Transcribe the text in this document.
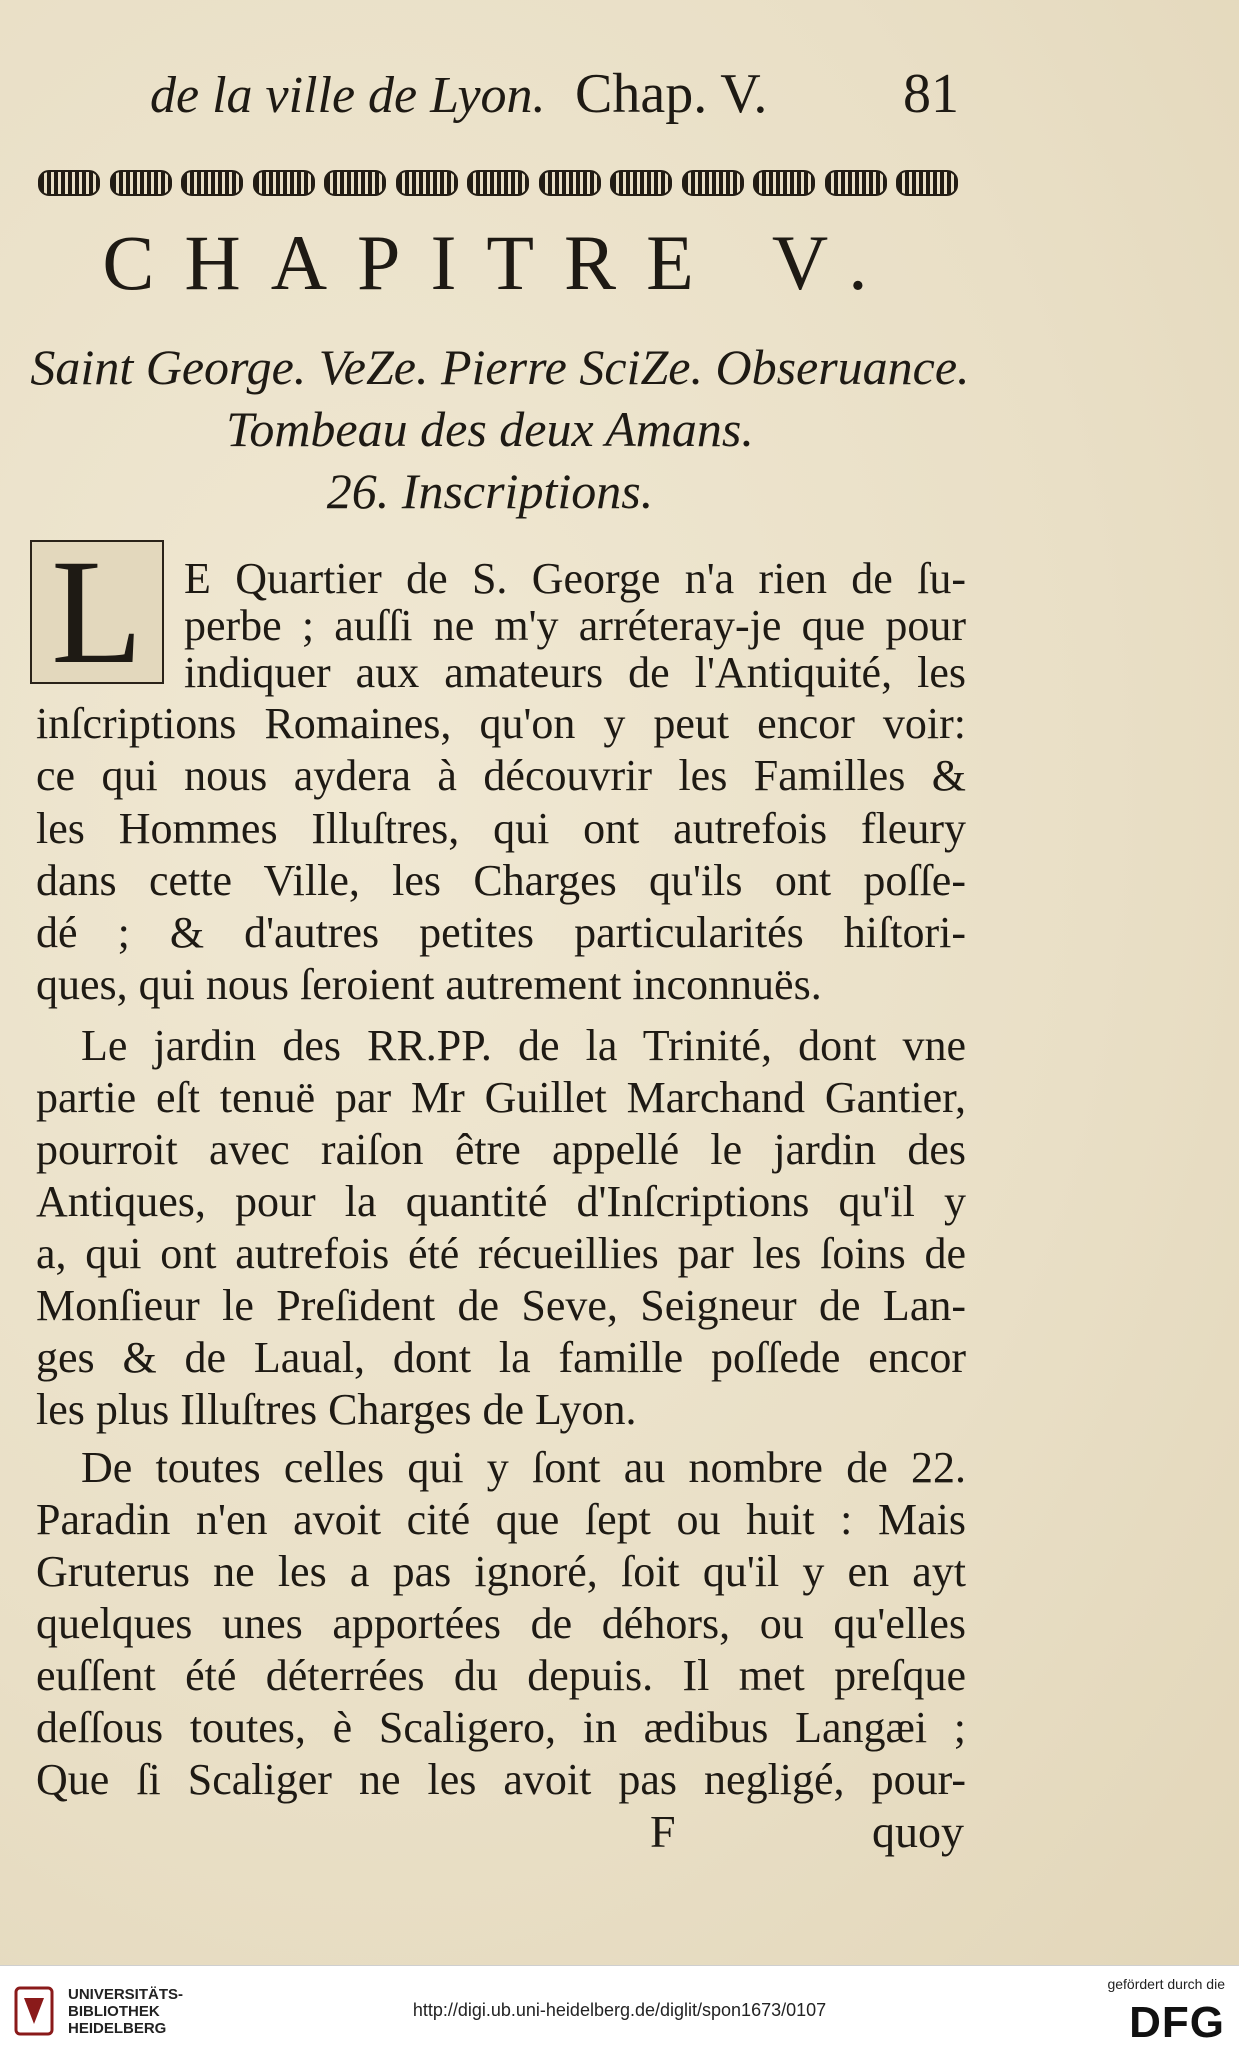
de la ville de Lyon. Chap. V. 81
CHAPITRE V.
Saint George. VeZe. Pierre SciZe. Obseruance.
Tombeau des deux Amans.
26. Inscriptions.
L E Quartier de S. George n'a rien de ſu-
perbe ; auſſi ne m'y arréteray-je que pour
indiquer aux amateurs de l'Antiquité, les
inſcriptions Romaines, qu'on y peut encor voir:
ce qui nous aydera à découvrir les Familles &
les Hommes Illuſtres, qui ont autrefois fleury
dans cette Ville, les Charges qu'ils ont poſſe-
dé ; & d'autres petites particularités hiſtori-
ques, qui nous ſeroient autrement inconnuës.
Le jardin des RR.PP. de la Trinité, dont vne
partie eſt tenuë par Mr Guillet Marchand Gantier,
pourroit avec raiſon être appellé le jardin des
Antiques, pour la quantité d'Inſcriptions qu'il y
a, qui ont autrefois été récueillies par les ſoins de
Monſieur le Preſident de Seve, Seigneur de Lan-
ges & de Laual, dont la famille poſſede encor
les plus Illuſtres Charges de Lyon.
De toutes celles qui y ſont au nombre de 22.
Paradin n'en avoit cité que ſept ou huit : Mais
Gruterus ne les a pas ignoré, ſoit qu'il y en ayt
quelques unes apportées de déhors, ou qu'elles
euſſent été déterrées du depuis. Il met preſque
deſſous toutes, è Scaligero, in ædibus Langæi ;
Que ſi Scaliger ne les avoit pas negligé, pour-
F	quoy
UNIVERSITÄTS-
BIBLIOTHEK
HEIDELBERG
http://digi.ub.uni-heidelberg.de/diglit/spon1673/0107
gefördert durch die
DFG
